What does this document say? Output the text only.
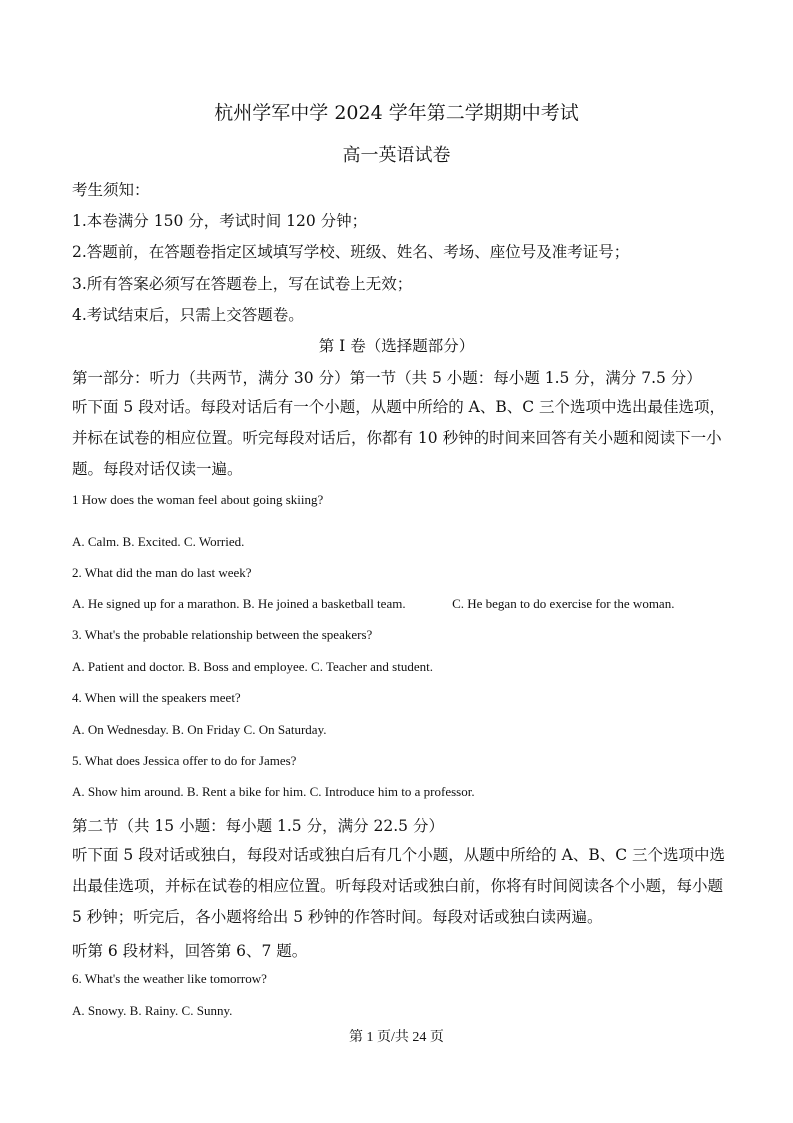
杭州学军中学 2024 学年第二学期期中考试
高一英语试卷
考生须知：
1.本卷满分 150 分，考试时间 120 分钟；
2.答题前，在答题卷指定区域填写学校、班级、姓名、考场、座位号及准考证号；
3.所有答案必须写在答题卷上，写在试卷上无效；
4.考试结束后，只需上交答题卷。
第 I 卷（选择题部分）
第一部分：听力（共两节，满分 30 分）第一节（共 5 小题：每小题 1.5 分，满分 7.5 分）
听下面 5 段对话。每段对话后有一个小题，从题中所给的 A、B、C 三个选项中选出最佳选项，并标在试卷的相应位置。听完每段对话后，你都有 10 秒钟的时间来回答有关小题和阅读下一小题。每段对话仅读一遍。
1 How does the woman feel about going skiing?
A. Calm. B. Excited. C. Worried.
2. What did the man do last week?
A. He signed up for a marathon. B. He joined a basketball team.	C. He began to do exercise for the woman.
3. What's the probable relationship between the speakers?
A. Patient and doctor. B. Boss and employee. C. Teacher and student.
4. When will the speakers meet?
A. On Wednesday. B. On Friday C. On Saturday.
5. What does Jessica offer to do for James?
A. Show him around. B. Rent a bike for him. C. Introduce him to a professor.
第二节（共 15 小题：每小题 1.5 分，满分 22.5 分）
听下面 5 段对话或独白，每段对话或独白后有几个小题，从题中所给的 A、B、C 三个选项中选出最佳选项，并标在试卷的相应位置。听每段对话或独白前，你将有时间阅读各个小题，每小题 5 秒钟；听完后，各小题将给出 5 秒钟的作答时间。每段对话或独白读两遍。
听第 6 段材料，回答第 6、7 题。
6. What's the weather like tomorrow?
A. Snowy. B. Rainy. C. Sunny.
第 1 页/共 24 页
